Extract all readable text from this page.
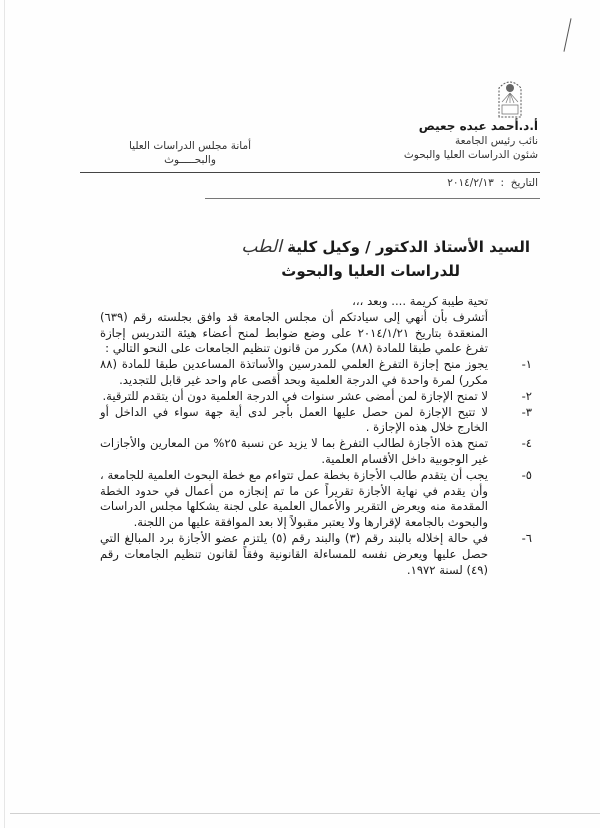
أ.د.أحمد عبده جعيص
نائب رئيس الجامعة
شئون الدراسات العليا والبحوث
أمانة مجلس الدراسات العليا
والبحـــــوث
التاريخ  :  ٢٠١٤/٢/١٣
السيد الأستاذ الدكتور / وكيل كلية الطب
للدراسات العليا والبحوث

تحية طيبة كريمة .... وبعد ،،،

أتشرف بأن أنهي إلى سيادتكم أن مجلس الجامعة قد وافق بجلسته رقم (٦٣٩) المنعقدة بتاريخ ٢٠١٤/١/٢١ على وضع ضوابط لمنح أعضاء هيئة التدريس إجازة تفرغ علمي طبقا للمادة (٨٨) مكرر من قانون تنظيم الجامعات على النحو التالي :

١-
يجوز منح إجازة التفرغ العلمي للمدرسين والأساتذة المساعدين طبقا للمادة (٨٨ مكرر) لمرة واحدة في الدرجة العلمية وبحد أقصى عام واحد غير قابل للتجديد.
٢-
لا تمنح الإجازة لمن أمضى عشر سنوات في الدرجة العلمية دون أن يتقدم للترقية.
٣-
لا تتيح الإجازة لمن حصل عليها العمل بأجر لدى أية جهة سواء في الداخل أو الخارج خلال هذه الإجازة .
٤-
تمنح هذه الأجازة لطالب التفرغ بما لا يزيد عن نسبة ٢٥% من المعارين والأجازات غير الوجوبية داخل الأقسام العلمية.
٥-
يجب أن يتقدم طالب الأجازة بخطة عمل تتواءم مع خطة البحوث العلمية للجامعة ، وأن يقدم في نهاية الأجازة تقريراً عن ما تم إنجازه من أعمال في حدود الخطة المقدمة منه ويعرض التقرير والأعمال العلمية على لجنة يشكلها مجلس الدراسات والبحوث بالجامعة لإقرارها ولا يعتبر مقبولاً إلا بعد الموافقة عليها من اللجنة.
٦-
في حالة إخلاله بالبند رقم (٣) والبند رقم (٥) يلتزم عضو الأجازة برد المبالغ التي حصل عليها ويعرض نفسه للمساءلة القانونية وفقاً لقانون تنظيم الجامعات رقم (٤٩) لسنة ١٩٧٢.
